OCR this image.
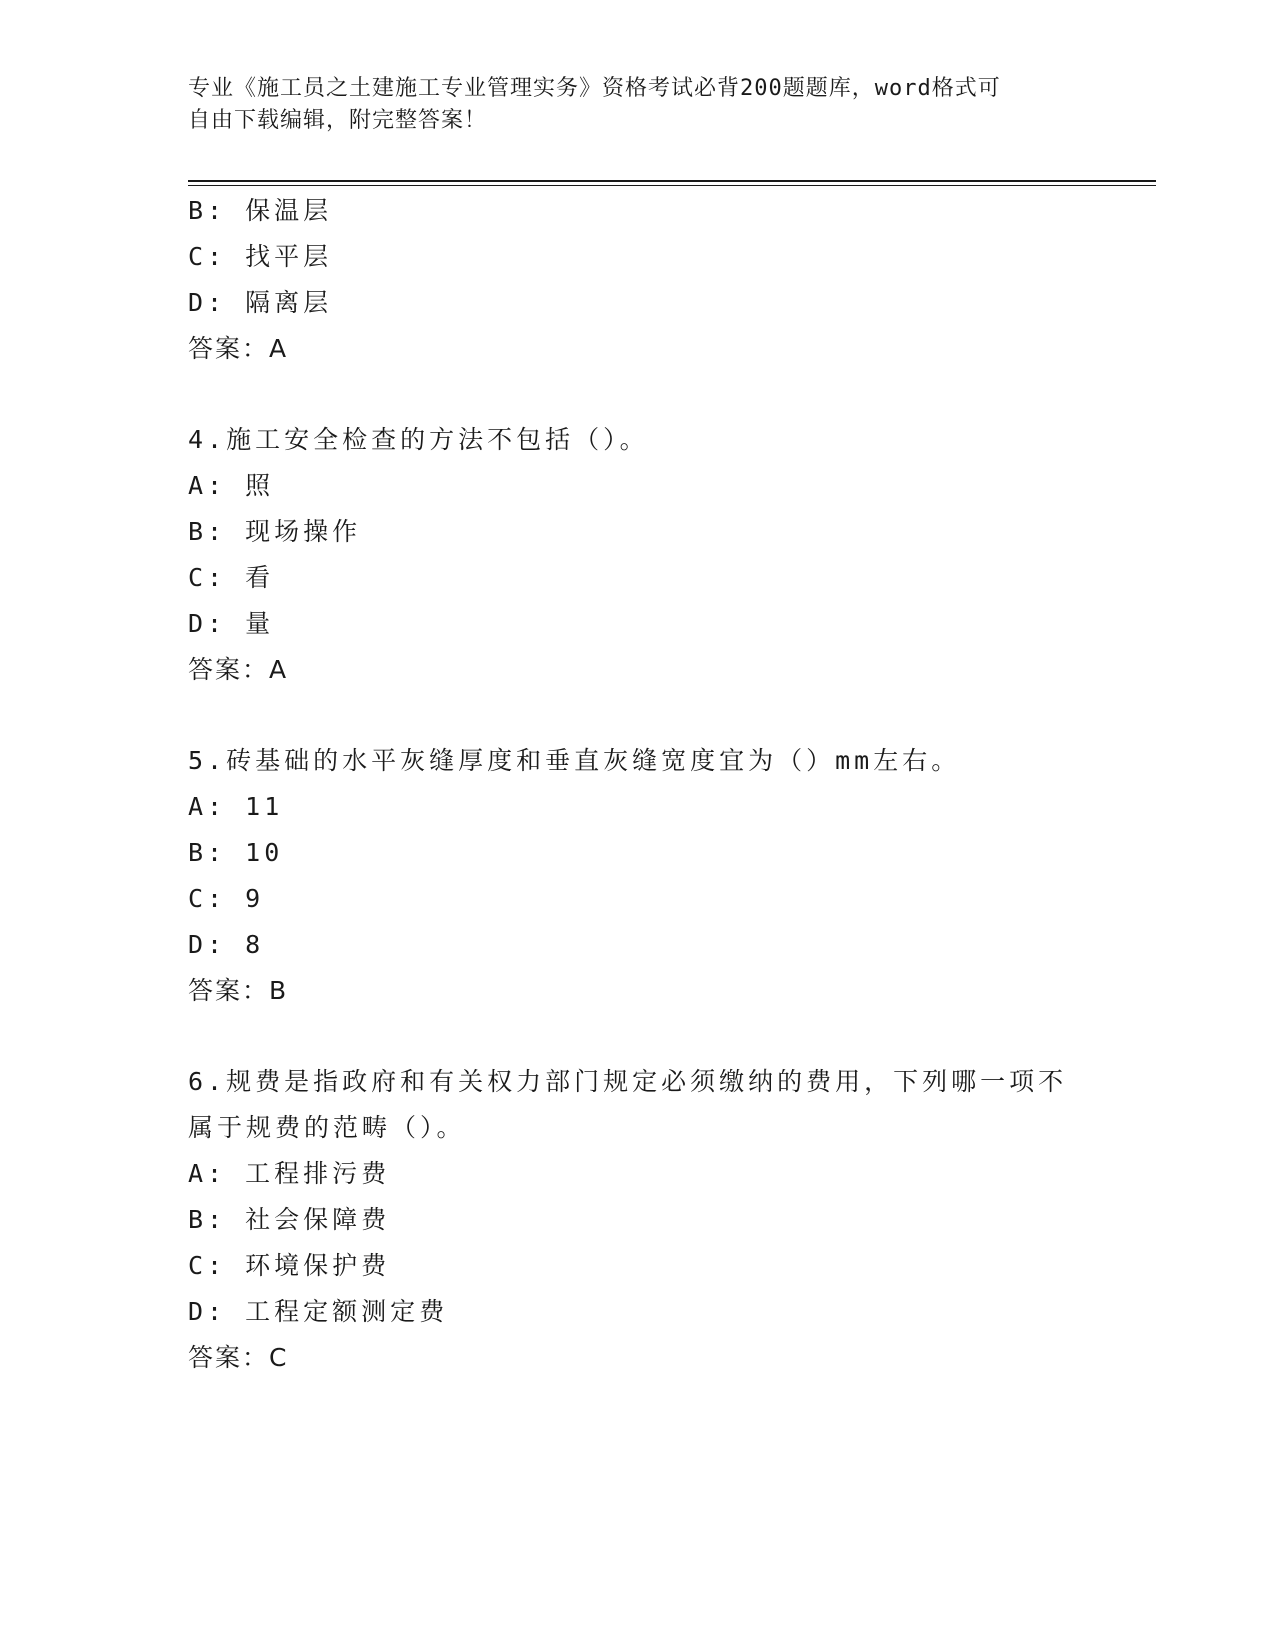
专业《施工员之土建施工专业管理实务》资格考试必背200题题库，word格式可
自由下载编辑，附完整答案！
B: 保温层
C: 找平层
D: 隔离层
答案：A
4.施工安全检查的方法不包括（）。
A: 照
B: 现场操作
C: 看
D: 量
答案：A
5.砖基础的水平灰缝厚度和垂直灰缝宽度宜为（）mm左右。
A: 11
B: 10
C: 9
D: 8
答案：B
6.规费是指政府和有关权力部门规定必须缴纳的费用，下列哪一项不
属于规费的范畴（）。
A: 工程排污费
B: 社会保障费
C: 环境保护费
D: 工程定额测定费
答案：C
